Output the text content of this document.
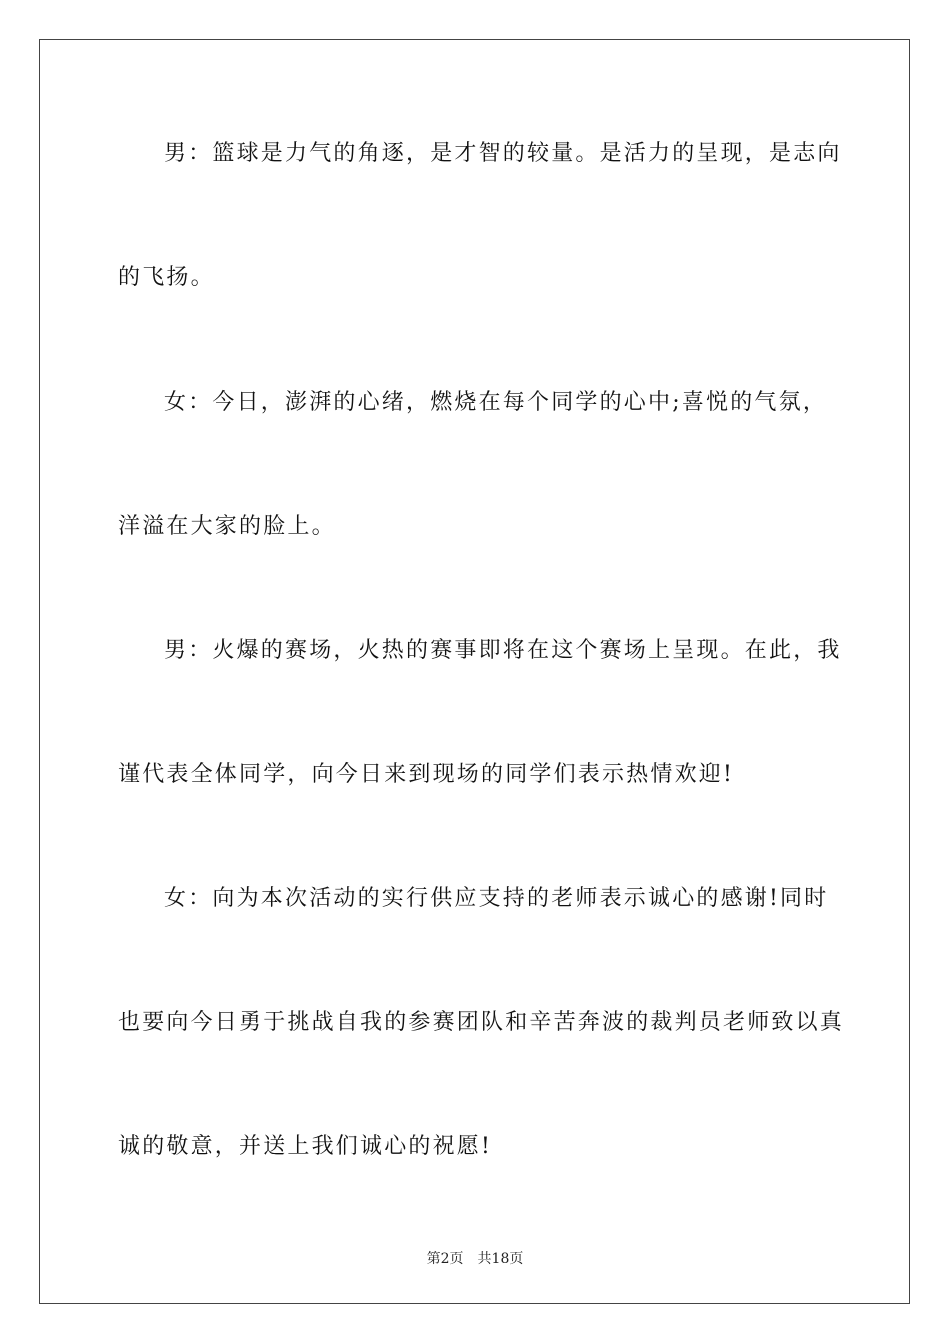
男：篮球是力气的角逐，是才智的较量。是活力的呈现，是志向
的飞扬。
女：今日，澎湃的心绪，燃烧在每个同学的心中;喜悦的气氛，
洋溢在大家的脸上。
男：火爆的赛场，火热的赛事即将在这个赛场上呈现。在此，我
谨代表全体同学，向今日来到现场的同学们表示热情欢迎!
女：向为本次活动的实行供应支持的老师表示诚心的感谢!同时
也要向今日勇于挑战自我的参赛团队和辛苦奔波的裁判员老师致以真
诚的敬意，并送上我们诚心的祝愿!
第2页 共18页
